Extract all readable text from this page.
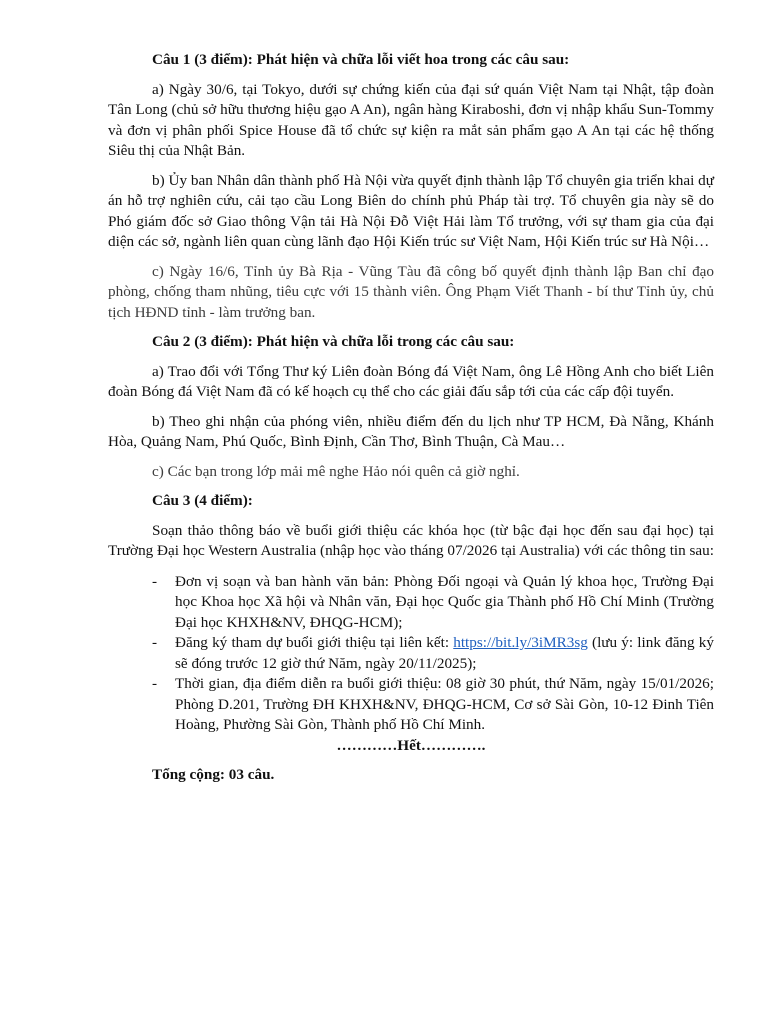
Câu 1 (3 điểm): Phát hiện và chữa lỗi viết hoa trong các câu sau:

a) Ngày 30/6, tại Tokyo, dưới sự chứng kiến của đại sứ quán Việt Nam tại Nhật, tập đoàn Tân Long (chủ sở hữu thương hiệu gạo A An), ngân hàng Kiraboshi, đơn vị nhập khẩu Sun-Tommy và đơn vị phân phối Spice House đã tổ chức sự kiện ra mắt sản phẩm gạo A An tại các hệ thống Siêu thị của Nhật Bản.

b) Ủy ban Nhân dân thành phố Hà Nội vừa quyết định thành lập Tổ chuyên gia triển khai dự án hỗ trợ nghiên cứu, cải tạo cầu Long Biên do chính phủ Pháp tài trợ. Tổ chuyên gia này sẽ do Phó giám đốc sở Giao thông Vận tải Hà Nội Đỗ Việt Hải làm Tổ trưởng, với sự tham gia của đại diện các sở, ngành liên quan cùng lãnh đạo Hội Kiến trúc sư Việt Nam, Hội Kiến trúc sư Hà Nội…

c) Ngày 16/6, Tỉnh ủy Bà Rịa - Vũng Tàu đã công bố quyết định thành lập Ban chỉ đạo phòng, chống tham nhũng, tiêu cực với 15 thành viên. Ông Phạm Viết Thanh - bí thư Tỉnh ủy, chủ tịch HĐND tỉnh - làm trưởng ban.

Câu 2 (3 điểm): Phát hiện và chữa lỗi trong các câu sau:

a) Trao đổi với Tổng Thư ký Liên đoàn Bóng đá Việt Nam, ông Lê Hồng Anh cho biết Liên đoàn Bóng đá Việt Nam đã có kế hoạch cụ thể cho các giải đấu sắp tới của các cấp đội tuyển.

b) Theo ghi nhận của phóng viên, nhiều điểm đến du lịch như TP HCM, Đà Nẵng, Khánh Hòa, Quảng Nam, Phú Quốc, Bình Định, Cần Thơ, Bình Thuận, Cà Mau…

c) Các bạn trong lớp mải mê nghe Hảo nói quên cả giờ nghỉ.

Câu 3 (4 điểm):

Soạn thảo thông báo về buổi giới thiệu các khóa học (từ bậc đại học đến sau đại học) tại Trường Đại học Western Australia (nhập học vào tháng 07/2026 tại Australia) với các thông tin sau:

- Đơn vị soạn và ban hành văn bản: Phòng Đối ngoại và Quản lý khoa học, Trường Đại học Khoa học Xã hội và Nhân văn, Đại học Quốc gia Thành phố Hồ Chí Minh (Trường Đại học KHXH&NV, ĐHQG-HCM);
- Đăng ký tham dự buổi giới thiệu tại liên kết: https://bit.ly/3iMR3sg (lưu ý: link đăng ký sẽ đóng trước 12 giờ thứ Năm, ngày 20/11/2025);
- Thời gian, địa điểm diễn ra buổi giới thiệu: 08 giờ 30 phút, thứ Năm, ngày 15/01/2026; Phòng D.201, Trường ĐH KHXH&NV, ĐHQG-HCM, Cơ sở Sài Gòn, 10-12 Đinh Tiên Hoàng, Phường Sài Gòn, Thành phố Hồ Chí Minh.

…………Hết………….

Tổng cộng: 03 câu.
